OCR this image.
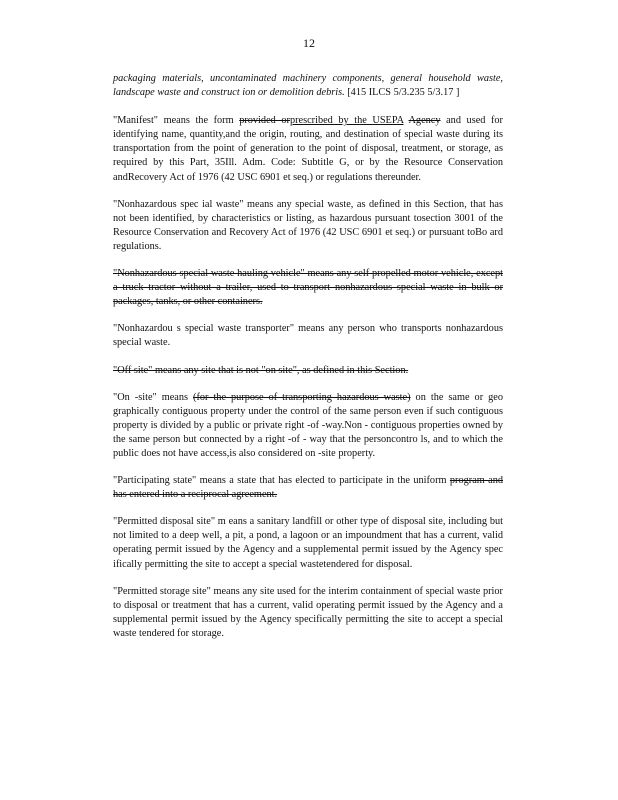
12

packaging materials, uncontaminated machinery components, general household waste, landscape waste and construct ion or demolition debris. [415 ILCS 5/3.235 5/3.17 ]

"Manifest" means the form provided orprescribed by the USEPA Agency and used for identifying name, quantity,and the origin, routing, and destination of special waste during its transportation from the point of generation to the point of disposal, treatment, or storage, as required by this Part, 35Ill. Adm. Code: Subtitle G, or by the Resource Conservation andRecovery Act of 1976 (42 USC 6901 et seq.) or regulations thereunder.

"Nonhazardous spec ial waste" means any special waste, as defined in this Section, that has not been identified, by characteristics or listing, as hazardous pursuant tosection 3001 of the Resource Conservation and Recovery Act of 1976 (42 USC 6901 et seq.) or pursuant toBo ard regulations.

"Nonhazardous special waste hauling vehicle" means any self propelled motor vehicle, except a truck tractor without a trailer, used to transport nonhazardous special waste in bulk or packages, tanks, or other containers.

"Nonhazardou s special waste transporter" means any person who transports nonhazardous special waste.

"Off site" means any site that is not "on site", as defined in this Section.

"On -site" means (for the purpose of transporting hazardous waste) on the same or geo graphically contiguous property under the control of the same person even if such contiguous property is divided by a public or private right -of -way.Non - contiguous properties owned by the same person but connected by a right -of - way that the personcontro ls, and to which the public does not have access,is also considered on -site property.

"Participating state" means a state that has elected to participate in the uniform program and has entered into a reciprocal agreement.

"Permitted disposal site" m eans a sanitary landfill or other type of disposal site, including but not limited to a deep well, a pit, a pond, a lagoon or an impoundment that has a current, valid operating permit issued by the Agency and a supplemental permit issued by the Agency spec ifically permitting the site to accept a special wastetendered for disposal.

"Permitted storage site" means any site used for the interim containment of special waste prior to disposal or treatment that has a current, valid operating permit issued by the Agency and a supplemental permit issued by the Agency specifically permitting the site to accept a special waste tendered for storage.
